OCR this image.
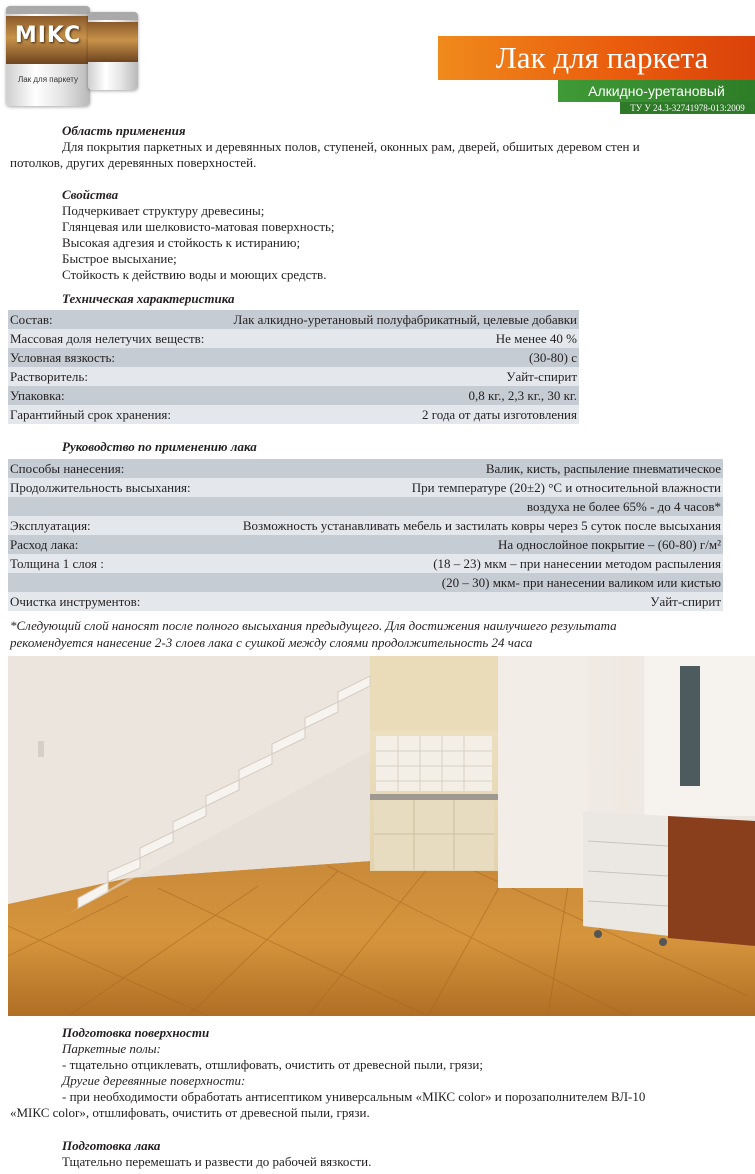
MIKC
Лак для паркету
Лак для паркета
Алкидно-уретановый
ТУ У 24.3-32741978-013:2009
Область применения
Для покрытия паркетных и деревянных полов, ступеней, оконных рам, дверей, обшитых деревом стен и
потолков, других деревянных поверхностей.
Свойства
Подчеркивает структуру древесины;
Глянцевая или шелковисто-матовая поверхность;
Высокая адгезия и стойкость к истиранию;
Быстрое высыхание;
Стойкость к действию воды и моющих средств.
Техническая характеристика
Состав:	Лак алкидно-уретановый полуфабрикатный, целевые добавки
Массовая доля нелетучих веществ:	Не менее 40 %
Условная вязкость:	(30-80) с
Растворитель:	Уайт-спирит
Упаковка:	0,8 кг., 2,3 кг., 30 кг.
Гарантийный срок хранения:	2 года от даты изготовления
Руководство по применению лака
Способы нанесения:	Валик, кисть, распыление пневматическое
Продолжительность высыхания:	При температуре (20±2) °С и относительной влажности
	воздуха не более 65% - до 4 часов*
Эксплуатация:	Возможность устанавливать мебель и застилать ковры через 5 суток после высыхания
Расход лака:	На однослойное покрытие – (60-80) г/м²
Толщина 1 слоя :	(18 – 23) мкм – при нанесении методом распыления
	(20 – 30) мкм- при нанесении валиком или кистью
Очистка инструментов:	Уайт-спирит
*Следующий слой наносят после полного высыхания предыдущего. Для достижения наилучшего результата
рекомендуется нанесение 2-3 слоев лака с сушкой между слоями продолжительность 24 часа
Подготовка поверхности
Паркетные полы:
- тщательно отциклевать, отшлифовать, очистить от древесной пыли, грязи;
Другие деревянные поверхности:
- при необходимости обработать антисептиком универсальным «МІКС color» и порозаполнителем ВЛ-10
«МІКС color», отшлифовать, очистить от древесной пыли, грязи.
Подготовка лака
Тщательно перемешать и развести до рабочей вязкости.
